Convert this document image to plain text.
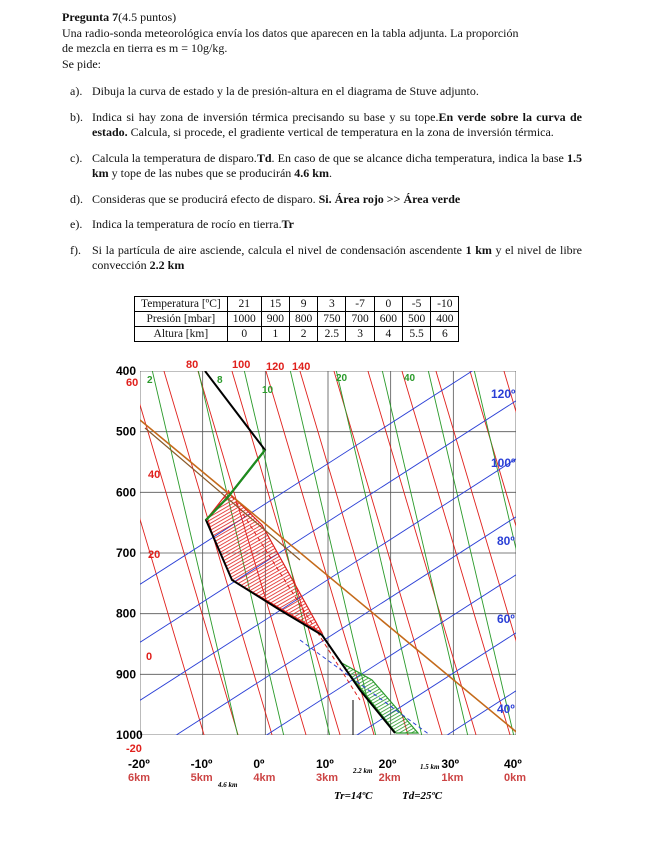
Pregunta 7(4.5 puntos)

Una radio-sonda meteorológica envía los datos que aparecen en la tabla adjunta. La proporción

de mezcla en tierra es m = 10g/kg.

Se pide:

a). Dibuja la curva de estado y la de presión-altura en el diagrama de Stuve adjunto.
b). Indica si hay zona de inversión térmica precisando su base y su tope.En verde sobre la curva de estado. Calcula, si procede, el gradiente vertical de temperatura en la zona de inversión térmica.
c). Calcula la temperatura de disparo.Td. En caso de que se alcance dicha temperatura, indica la base 1.5 km y tope de las nubes que se producirán 4.6 km.
d). Consideras que se producirá efecto de disparo. Si. Área rojo >> Área verde
e). Indica la temperatura de rocío en tierra.Tr
f). Si la partícula de aire asciende, calcula el nivel de condensación ascendente 1 km y el nivel de libre convección 2.2 km
Temperatura [ºC]	21	15	9	3	-7	0	-5	-10
Presión [mbar]	1000	900	800	750	700	600	500	400
Altura [km]	0	1	2	2.5	3	4	5.5	6
400
500
600
700
800
900
1000
-20º	-10º	0º	10º	20º	30º	40º
6km	5km	4km	3km	2km	1km	0km
80	100 120 140
60
40
20
0
-20
2	8
10
20	40
120º
100º
80º
60º
40º
2.2 km	1.5 km
4.6 km
Tr=14ºC	Td=25ºC
